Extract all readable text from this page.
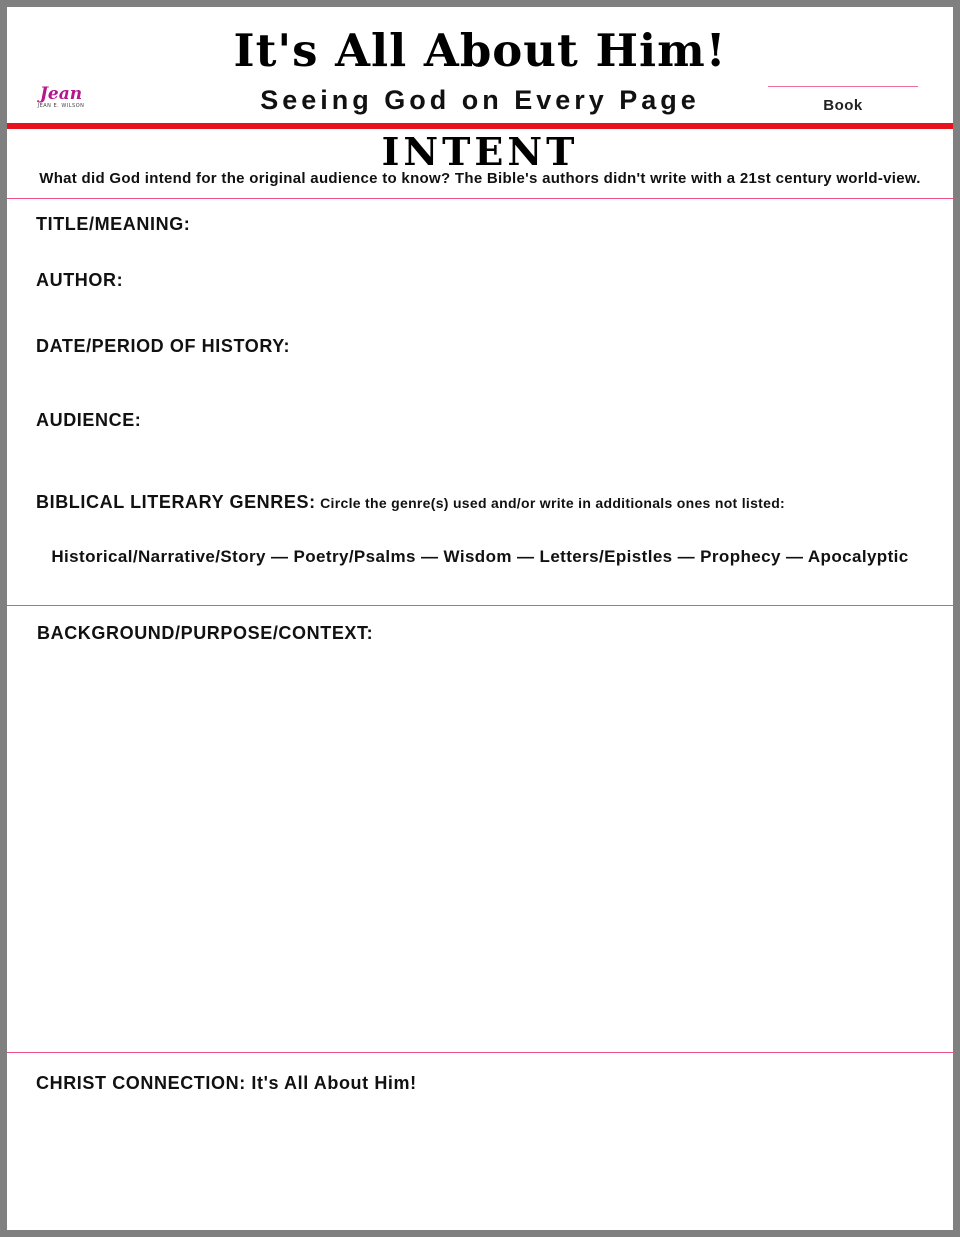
It's All About Him!
Seeing God on Every Page
Jean
JEAN E. WILSON	Book
INTENT
What did God intend for the original audience to know? The Bible's authors didn't write with a 21st century world-view.
TITLE/MEANING:
AUTHOR:
DATE/PERIOD OF HISTORY:
AUDIENCE:
BIBLICAL LITERARY GENRES: Circle the genre(s) used and/or write in additionals ones not listed:
Historical/Narrative/Story — Poetry/Psalms — Wisdom — Letters/Epistles — Prophecy — Apocalyptic
BACKGROUND/PURPOSE/CONTEXT:
CHRIST CONNECTION: It's All About Him!
